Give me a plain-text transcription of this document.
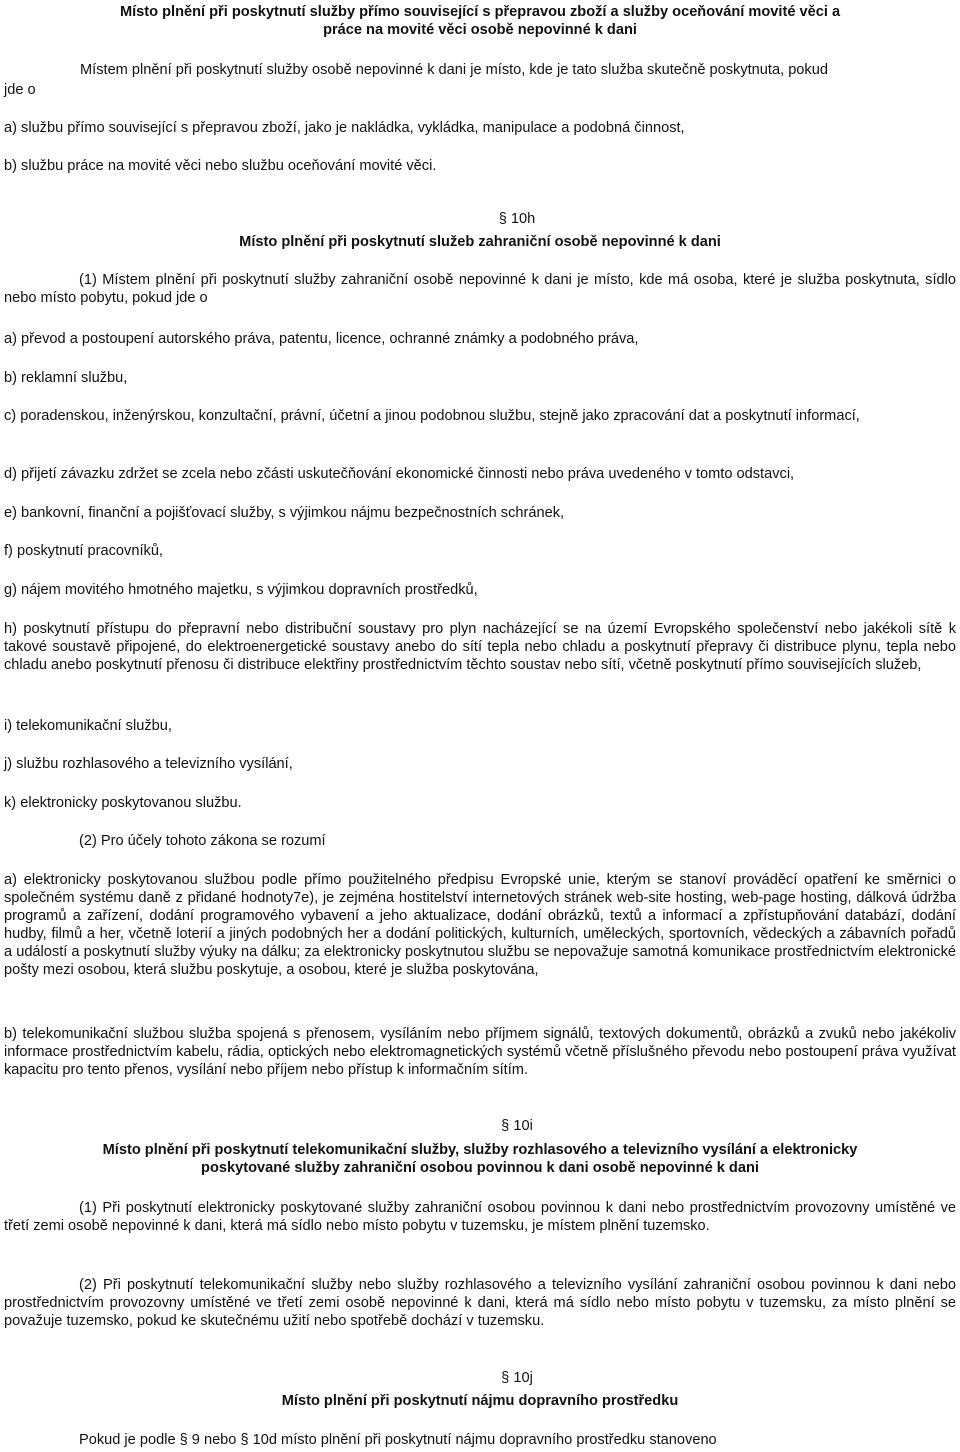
Místo plnění při poskytnutí služby přímo související s přepravou zboží a služby oceňování movité věci a
práce na movité věci osobě nepovinné k dani

Místem plnění při poskytnutí služby osobě nepovinné k dani je místo, kde je tato služba skutečně poskytnuta, pokud

jde o

a) službu přímo související s přepravou zboží, jako je nakládka, vykládka, manipulace a podobná činnost,

b) službu práce na movité věci nebo službu oceňování movité věci.

§ 10h

Místo plnění při poskytnutí služeb zahraniční osobě nepovinné k dani

(1) Místem plnění při poskytnutí služby zahraniční osobě nepovinné k dani je místo, kde má osoba, které je služba poskytnuta, sídlo nebo místo pobytu, pokud jde o

a) převod a postoupení autorského práva, patentu, licence, ochranné známky a podobného práva,

b) reklamní službu,

c) poradenskou, inženýrskou, konzultační, právní, účetní a jinou podobnou službu, stejně jako zpracování dat a poskytnutí informací,

d) přijetí závazku zdržet se zcela nebo zčásti uskutečňování ekonomické činnosti nebo práva uvedeného v tomto odstavci,

e) bankovní, finanční a pojišťovací služby, s výjimkou nájmu bezpečnostních schránek,

f) poskytnutí pracovníků,

g) nájem movitého hmotného majetku, s výjimkou dopravních prostředků,

h) poskytnutí přístupu do přepravní nebo distribuční soustavy pro plyn nacházející se na území Evropského společenství nebo jakékoli sítě k takové soustavě připojené, do elektroenergetické soustavy anebo do sítí tepla nebo chladu a poskytnutí přepravy či distribuce plynu, tepla nebo chladu anebo poskytnutí přenosu či distribuce elektřiny prostřednictvím těchto soustav nebo sítí, včetně poskytnutí přímo souvisejících služeb,

i) telekomunikační službu,

j) službu rozhlasového a televizního vysílání,

k) elektronicky poskytovanou službu.

(2) Pro účely tohoto zákona se rozumí

a) elektronicky poskytovanou službou podle přímo použitelného předpisu Evropské unie, kterým se stanoví prováděcí opatření ke směrnici o společném systému daně z přidané hodnoty7e), je zejména hostitelství internetových stránek web-site hosting, web-page hosting, dálková údržba programů a zařízení, dodání programového vybavení a jeho aktualizace, dodání obrázků, textů a informací a zpřístupňování databází, dodání hudby, filmů a her, včetně loterií a jiných podobných her a dodání politických, kulturních, uměleckých, sportovních, vědeckých a zábavních pořadů a událostí a poskytnutí služby výuky na dálku; za elektronicky poskytnutou službu se nepovažuje samotná komunikace prostřednictvím elektronické pošty mezi osobou, která službu poskytuje, a osobou, které je služba poskytována,

b) telekomunikační službou služba spojená s přenosem, vysíláním nebo příjmem signálů, textových dokumentů, obrázků a zvuků nebo jakékoliv informace prostřednictvím kabelu, rádia, optických nebo elektromagnetických systémů včetně příslušného převodu nebo postoupení práva využívat kapacitu pro tento přenos, vysílání nebo příjem nebo přístup k informačním sítím.

§ 10i

Místo plnění při poskytnutí telekomunikační služby, služby rozhlasového a televizního vysílání a elektronicky
poskytované služby zahraniční osobou povinnou k dani osobě nepovinné k dani

(1) Při poskytnutí elektronicky poskytované služby zahraniční osobou povinnou k dani nebo prostřednictvím provozovny umístěné ve třetí zemi osobě nepovinné k dani, která má sídlo nebo místo pobytu v tuzemsku, je místem plnění tuzemsko.

(2) Při poskytnutí telekomunikační služby nebo služby rozhlasového a televizního vysílání zahraniční osobou povinnou k dani nebo prostřednictvím provozovny umístěné ve třetí zemi osobě nepovinné k dani, která má sídlo nebo místo pobytu v tuzemsku, za místo plnění se považuje tuzemsko, pokud ke skutečnému užití nebo spotřebě dochází v tuzemsku.

§ 10j

Místo plnění při poskytnutí nájmu dopravního prostředku

Pokud je podle § 9 nebo § 10d místo plnění při poskytnutí nájmu dopravního prostředku stanoveno
